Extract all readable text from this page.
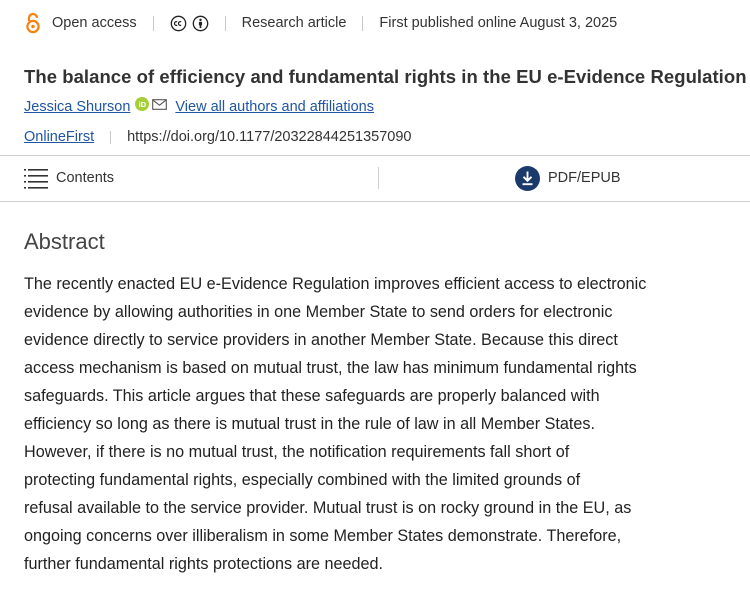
Open access	Research article First published online August 3, 2025
The balance of efficiency and fundamental rights in the EU e-Evidence Regulation
Jessica Shurson	iD View all authors and affiliations
OnlineFirst https://doi.org/10.1177/20322844251357090
Contents	PDF/EPUB
Abstract

The recently enacted EU e-Evidence Regulation improves efficient access to electronic
evidence by allowing authorities in one Member State to send orders for electronic
evidence directly to service providers in another Member State. Because this direct
access mechanism is based on mutual trust, the law has minimum fundamental rights
safeguards. This article argues that these safeguards are properly balanced with
efficiency so long as there is mutual trust in the rule of law in all Member States.
However, if there is no mutual trust, the notification requirements fall short of
protecting fundamental rights, especially combined with the limited grounds of
refusal available to the service provider. Mutual trust is on rocky ground in the EU, as
ongoing concerns over illiberalism in some Member States demonstrate. Therefore,
further fundamental rights protections are needed.
